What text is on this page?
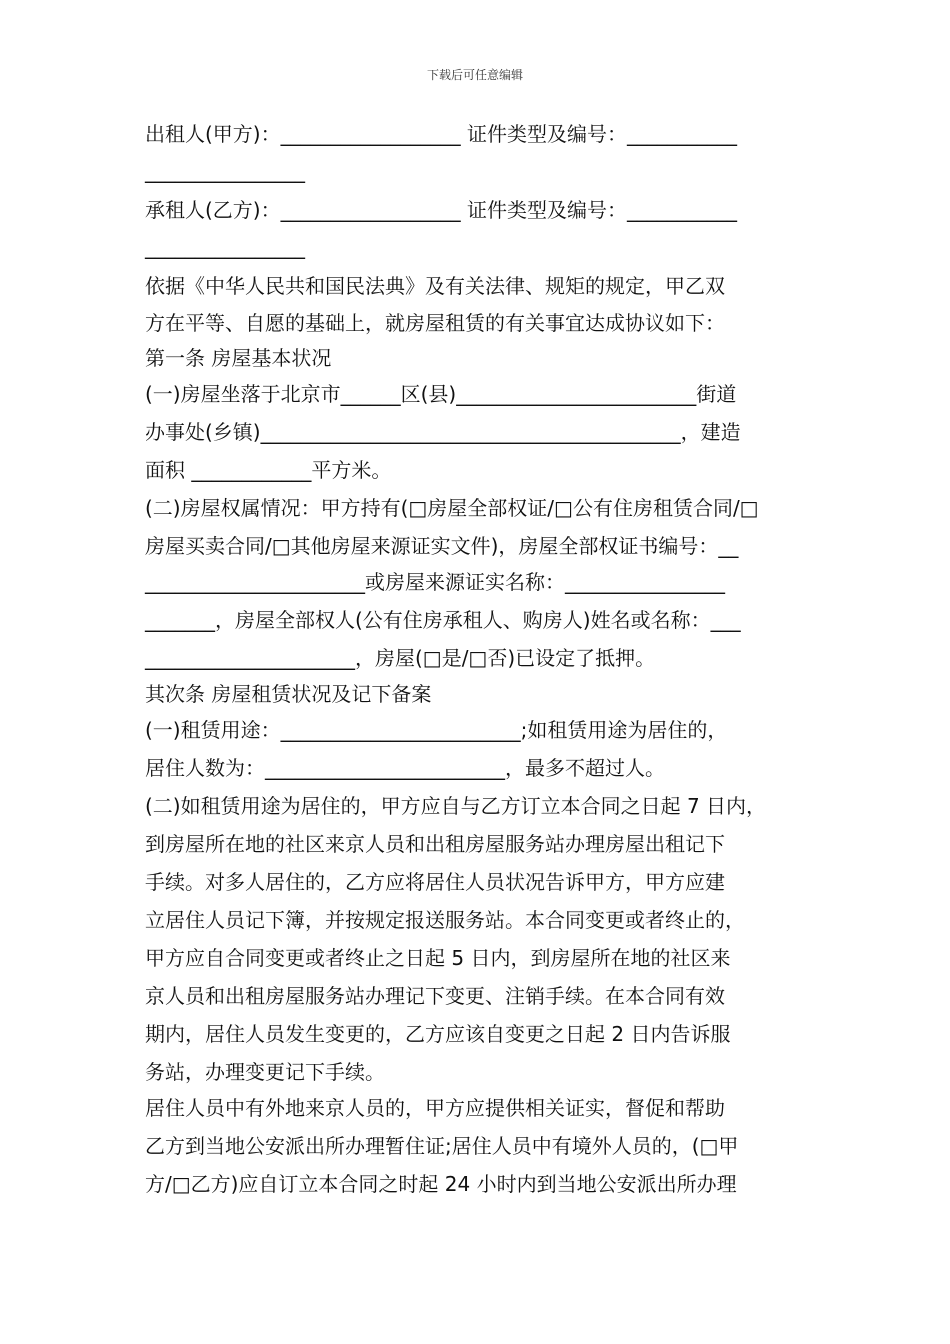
下载后可任意编辑
出租人(甲方)：__________________ 证件类型及编号：___________
________________
承租人(乙方)：__________________ 证件类型及编号：___________
________________
依据《中华人民共和国民法典》及有关法律、规矩的规定，甲乙双
方在平等、自愿的基础上，就房屋租赁的有关事宜达成协议如下：
第一条 房屋基本状况
(一)房屋坐落于北京市______区(县)________________________街道
办事处(乡镇)__________________________________________，建造
面积 ____________平方米。
(二)房屋权属情况：甲方持有(□房屋全部权证/□公有住房租赁合同/□
房屋买卖合同/□其他房屋来源证实文件)，房屋全部权证书编号：__
______________________或房屋来源证实名称：________________
_______，房屋全部权人(公有住房承租人、购房人)姓名或名称：___
_____________________，房屋(□是/□否)已设定了抵押。
其次条 房屋租赁状况及记下备案
(一)租赁用途：________________________;如租赁用途为居住的，
居住人数为：________________________，最多不超过人。
(二)如租赁用途为居住的，甲方应自与乙方订立本合同之日起 7 日内，
到房屋所在地的社区来京人员和出租房屋服务站办理房屋出租记下
手续。对多人居住的，乙方应将居住人员状况告诉甲方，甲方应建
立居住人员记下簿，并按规定报送服务站。本合同变更或者终止的，
甲方应自合同变更或者终止之日起 5 日内，到房屋所在地的社区来
京人员和出租房屋服务站办理记下变更、注销手续。在本合同有效
期内，居住人员发生变更的，乙方应该自变更之日起 2 日内告诉服
务站，办理变更记下手续。
居住人员中有外地来京人员的，甲方应提供相关证实，督促和帮助
乙方到当地公安派出所办理暂住证;居住人员中有境外人员的，(□甲
方/□乙方)应自订立本合同之时起 24 小时内到当地公安派出所办理
